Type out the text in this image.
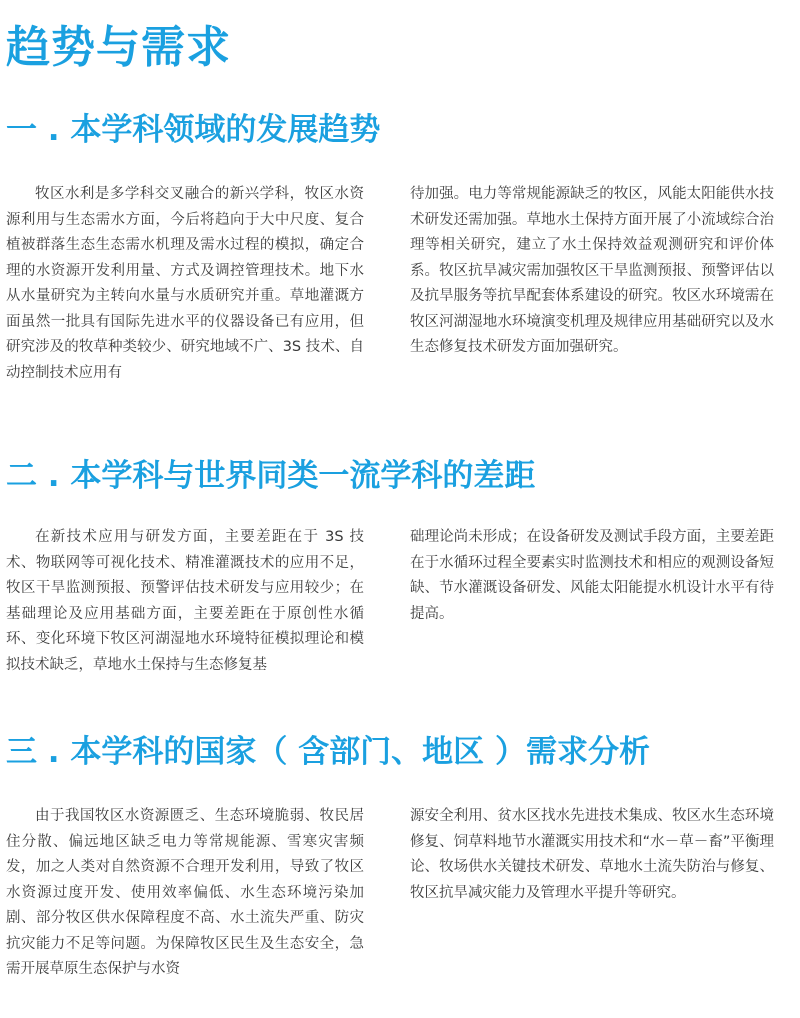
趋势与需求
一 . 本学科领域的发展趋势
牧区水利是多学科交叉融合的新兴学科，牧区水资源利用与生态需水方面，今后将趋向于大中尺度、复合植被群落生态生态需水机理及需水过程的模拟，确定合理的水资源开发利用量、方式及调控管理技术。地下水从水量研究为主转向水量与水质研究并重。草地灌溉方面虽然一批具有国际先进水平的仪器设备已有应用，但研究涉及的牧草种类较少、研究地域不广、3S 技术、自动控制技术应用有
待加强。电力等常规能源缺乏的牧区，风能太阳能供水技术研发还需加强。草地水土保持方面开展了小流域综合治理等相关研究，建立了水土保持效益观测研究和评价体系。牧区抗旱减灾需加强牧区干旱监测预报、预警评估以及抗旱服务等抗旱配套体系建设的研究。牧区水环境需在牧区河湖湿地水环境演变机理及规律应用基础研究以及水生态修复技术研发方面加强研究。
二 . 本学科与世界同类一流学科的差距
在新技术应用与研发方面，主要差距在于 3S 技术、物联网等可视化技术、精准灌溉技术的应用不足，牧区干旱监测预报、预警评估技术研发与应用较少；在基础理论及应用基础方面，主要差距在于原创性水循环、变化环境下牧区河湖湿地水环境特征模拟理论和模拟技术缺乏，草地水土保持与生态修复基
础理论尚未形成；在设备研发及测试手段方面，主要差距在于水循环过程全要素实时监测技术和相应的观测设备短缺、节水灌溉设备研发、风能太阳能提水机设计水平有待提高。
三 . 本学科的国家（ 含部门、地区 ）需求分析
由于我国牧区水资源匮乏、生态环境脆弱、牧民居住分散、偏远地区缺乏电力等常规能源、雪寒灾害频发，加之人类对自然资源不合理开发利用，导致了牧区水资源过度开发、使用效率偏低、水生态环境污染加剧、部分牧区供水保障程度不高、水土流失严重、防灾抗灾能力不足等问题。为保障牧区民生及生态安全，急需开展草原生态保护与水资
源安全利用、贫水区找水先进技术集成、牧区水生态环境修复、饲草料地节水灌溉实用技术和“水－草－畜”平衡理论、牧场供水关键技术研发、草地水土流失防治与修复、牧区抗旱减灾能力及管理水平提升等研究。
